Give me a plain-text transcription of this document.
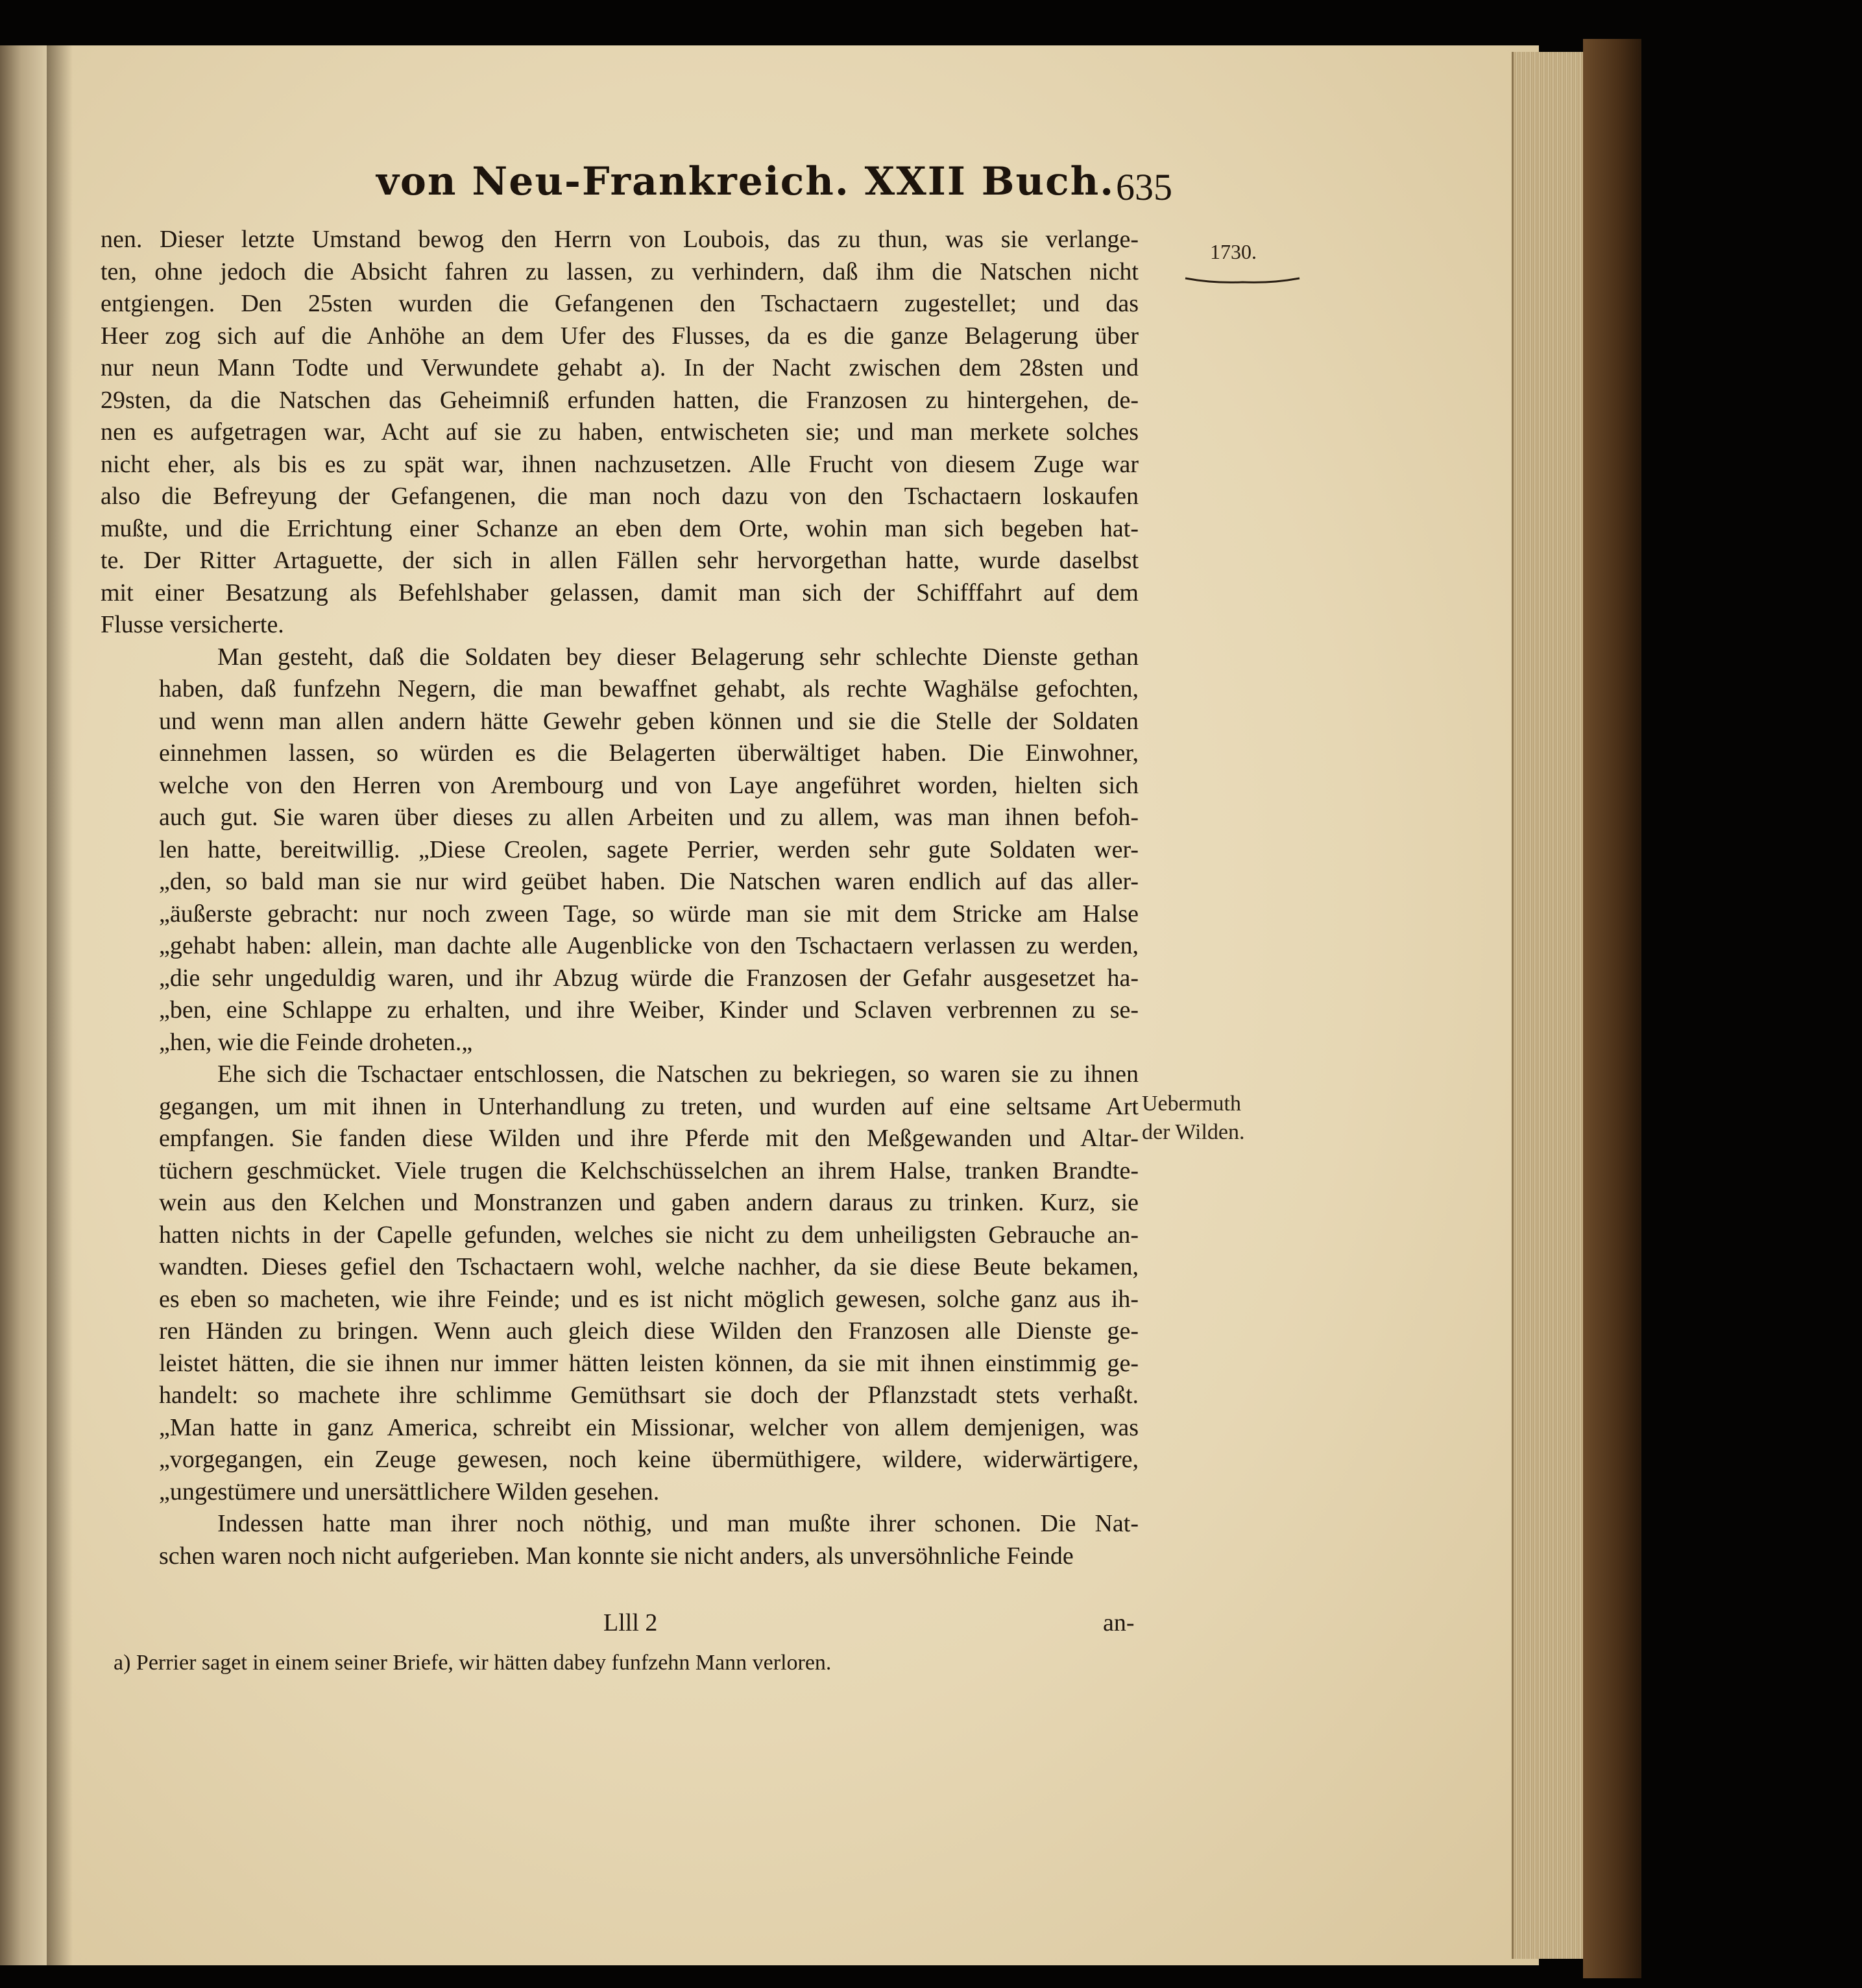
von Neu-Frankreich. XXII Buch. 635
1730.

nen. Dieser letzte Umstand bewog den Herrn von Loubois, das zu thun, was sie verlange-
ten, ohne jedoch die Absicht fahren zu lassen, zu verhindern, daß ihm die Natschen nicht
entgiengen. Den 25sten wurden die Gefangenen den Tschactaern zugestellet; und das
Heer zog sich auf die Anhöhe an dem Ufer des Flusses, da es die ganze Belagerung über
nur neun Mann Todte und Verwundete gehabt a). In der Nacht zwischen dem 28sten und
29sten, da die Natschen das Geheimniß erfunden hatten, die Franzosen zu hintergehen, de-
nen es aufgetragen war, Acht auf sie zu haben, entwischeten sie; und man merkete solches
nicht eher, als bis es zu spät war, ihnen nachzusetzen. Alle Frucht von diesem Zuge war
also die Befreyung der Gefangenen, die man noch dazu von den Tschactaern loskaufen
mußte, und die Errichtung einer Schanze an eben dem Orte, wohin man sich begeben hat-
te. Der Ritter Artaguette, der sich in allen Fällen sehr hervorgethan hatte, wurde daselbst
mit einer Besatzung als Befehlshaber gelassen, damit man sich der Schifffahrt auf dem
Flusse versicherte.
Man gesteht, daß die Soldaten bey dieser Belagerung sehr schlechte Dienste gethan
haben, daß funfzehn Negern, die man bewaffnet gehabt, als rechte Waghälse gefochten,
und wenn man allen andern hätte Gewehr geben können und sie die Stelle der Soldaten
einnehmen lassen, so würden es die Belagerten überwältiget haben. Die Einwohner,
welche von den Herren von Arembourg und von Laye angeführet worden, hielten sich
auch gut. Sie waren über dieses zu allen Arbeiten und zu allem, was man ihnen befoh-
len hatte, bereitwillig. „Diese Creolen, sagete Perrier, werden sehr gute Soldaten wer-
„den, so bald man sie nur wird geübet haben. Die Natschen waren endlich auf das aller-
„äußerste gebracht: nur noch zween Tage, so würde man sie mit dem Stricke am Halse
„gehabt haben: allein, man dachte alle Augenblicke von den Tschactaern verlassen zu werden,
„die sehr ungeduldig waren, und ihr Abzug würde die Franzosen der Gefahr ausgesetzet ha-
„ben, eine Schlappe zu erhalten, und ihre Weiber, Kinder und Sclaven verbrennen zu se-
„hen, wie die Feinde droheten.„
Ehe sich die Tschactaer entschlossen, die Natschen zu bekriegen, so waren sie zu ihnen
gegangen, um mit ihnen in Unterhandlung zu treten, und wurden auf eine seltsame Art
empfangen. Sie fanden diese Wilden und ihre Pferde mit den Meßgewanden und Altar-
tüchern geschmücket. Viele trugen die Kelchschüsselchen an ihrem Halse, tranken Brandte-
wein aus den Kelchen und Monstranzen und gaben andern daraus zu trinken. Kurz, sie
hatten nichts in der Capelle gefunden, welches sie nicht zu dem unheiligsten Gebrauche an-
wandten. Dieses gefiel den Tschactaern wohl, welche nachher, da sie diese Beute bekamen,
es eben so macheten, wie ihre Feinde; und es ist nicht möglich gewesen, solche ganz aus ih-
ren Händen zu bringen. Wenn auch gleich diese Wilden den Franzosen alle Dienste ge-
leistet hätten, die sie ihnen nur immer hätten leisten können, da sie mit ihnen einstimmig ge-
handelt: so machete ihre schlimme Gemüthsart sie doch der Pflanzstadt stets verhaßt.
„Man hatte in ganz America, schreibt ein Missionar, welcher von allem demjenigen, was
„vorgegangen, ein Zeuge gewesen, noch keine übermüthigere, wildere, widerwärtigere,
„ungestümere und unersättlichere Wilden gesehen.
Indessen hatte man ihrer noch nöthig, und man mußte ihrer schonen. Die Nat-
schen waren noch nicht aufgerieben. Man konnte sie nicht anders, als unversöhnliche Feinde
Uebermuth
der Wilden.
Llll 2	an-
a) Perrier saget in einem seiner Briefe, wir hätten dabey funfzehn Mann verloren.
